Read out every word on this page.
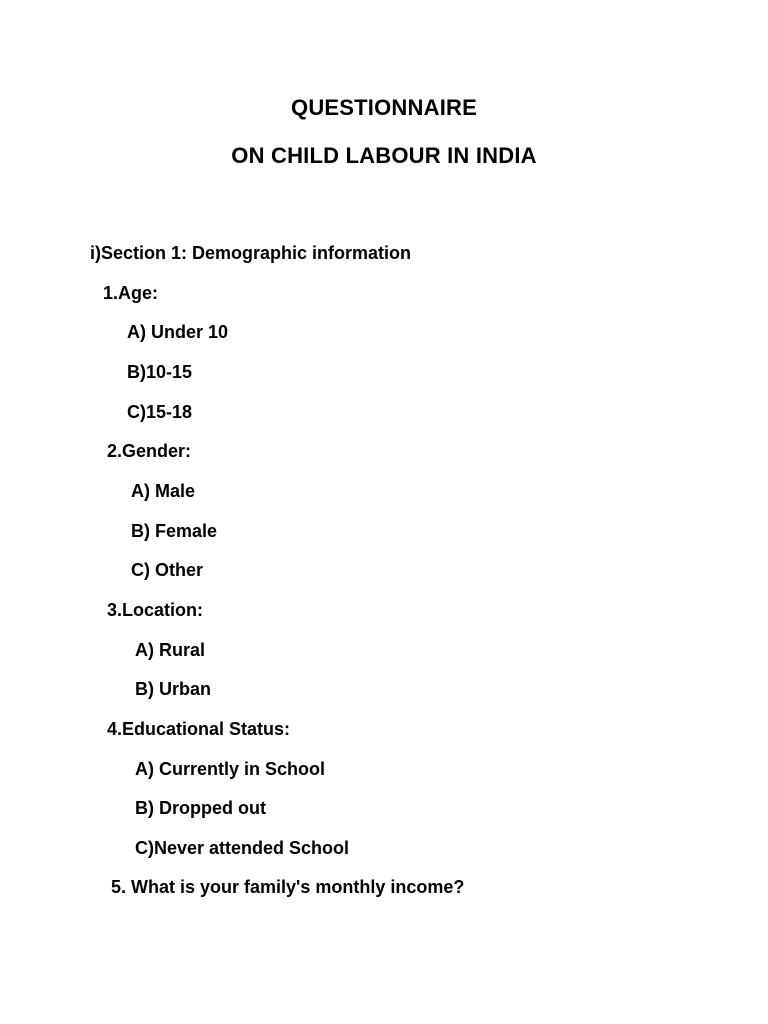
QUESTIONNAIRE
ON CHILD LABOUR IN INDIA
i)Section 1: Demographic information
1.Age:
A) Under 10
B)10-15
C)15-18
2.Gender:
A) Male
B) Female
C) Other
3.Location:
A) Rural
B) Urban
4.Educational Status:
A) Currently in School
B) Dropped out
C)Never attended School
5. What is your family's monthly income?
